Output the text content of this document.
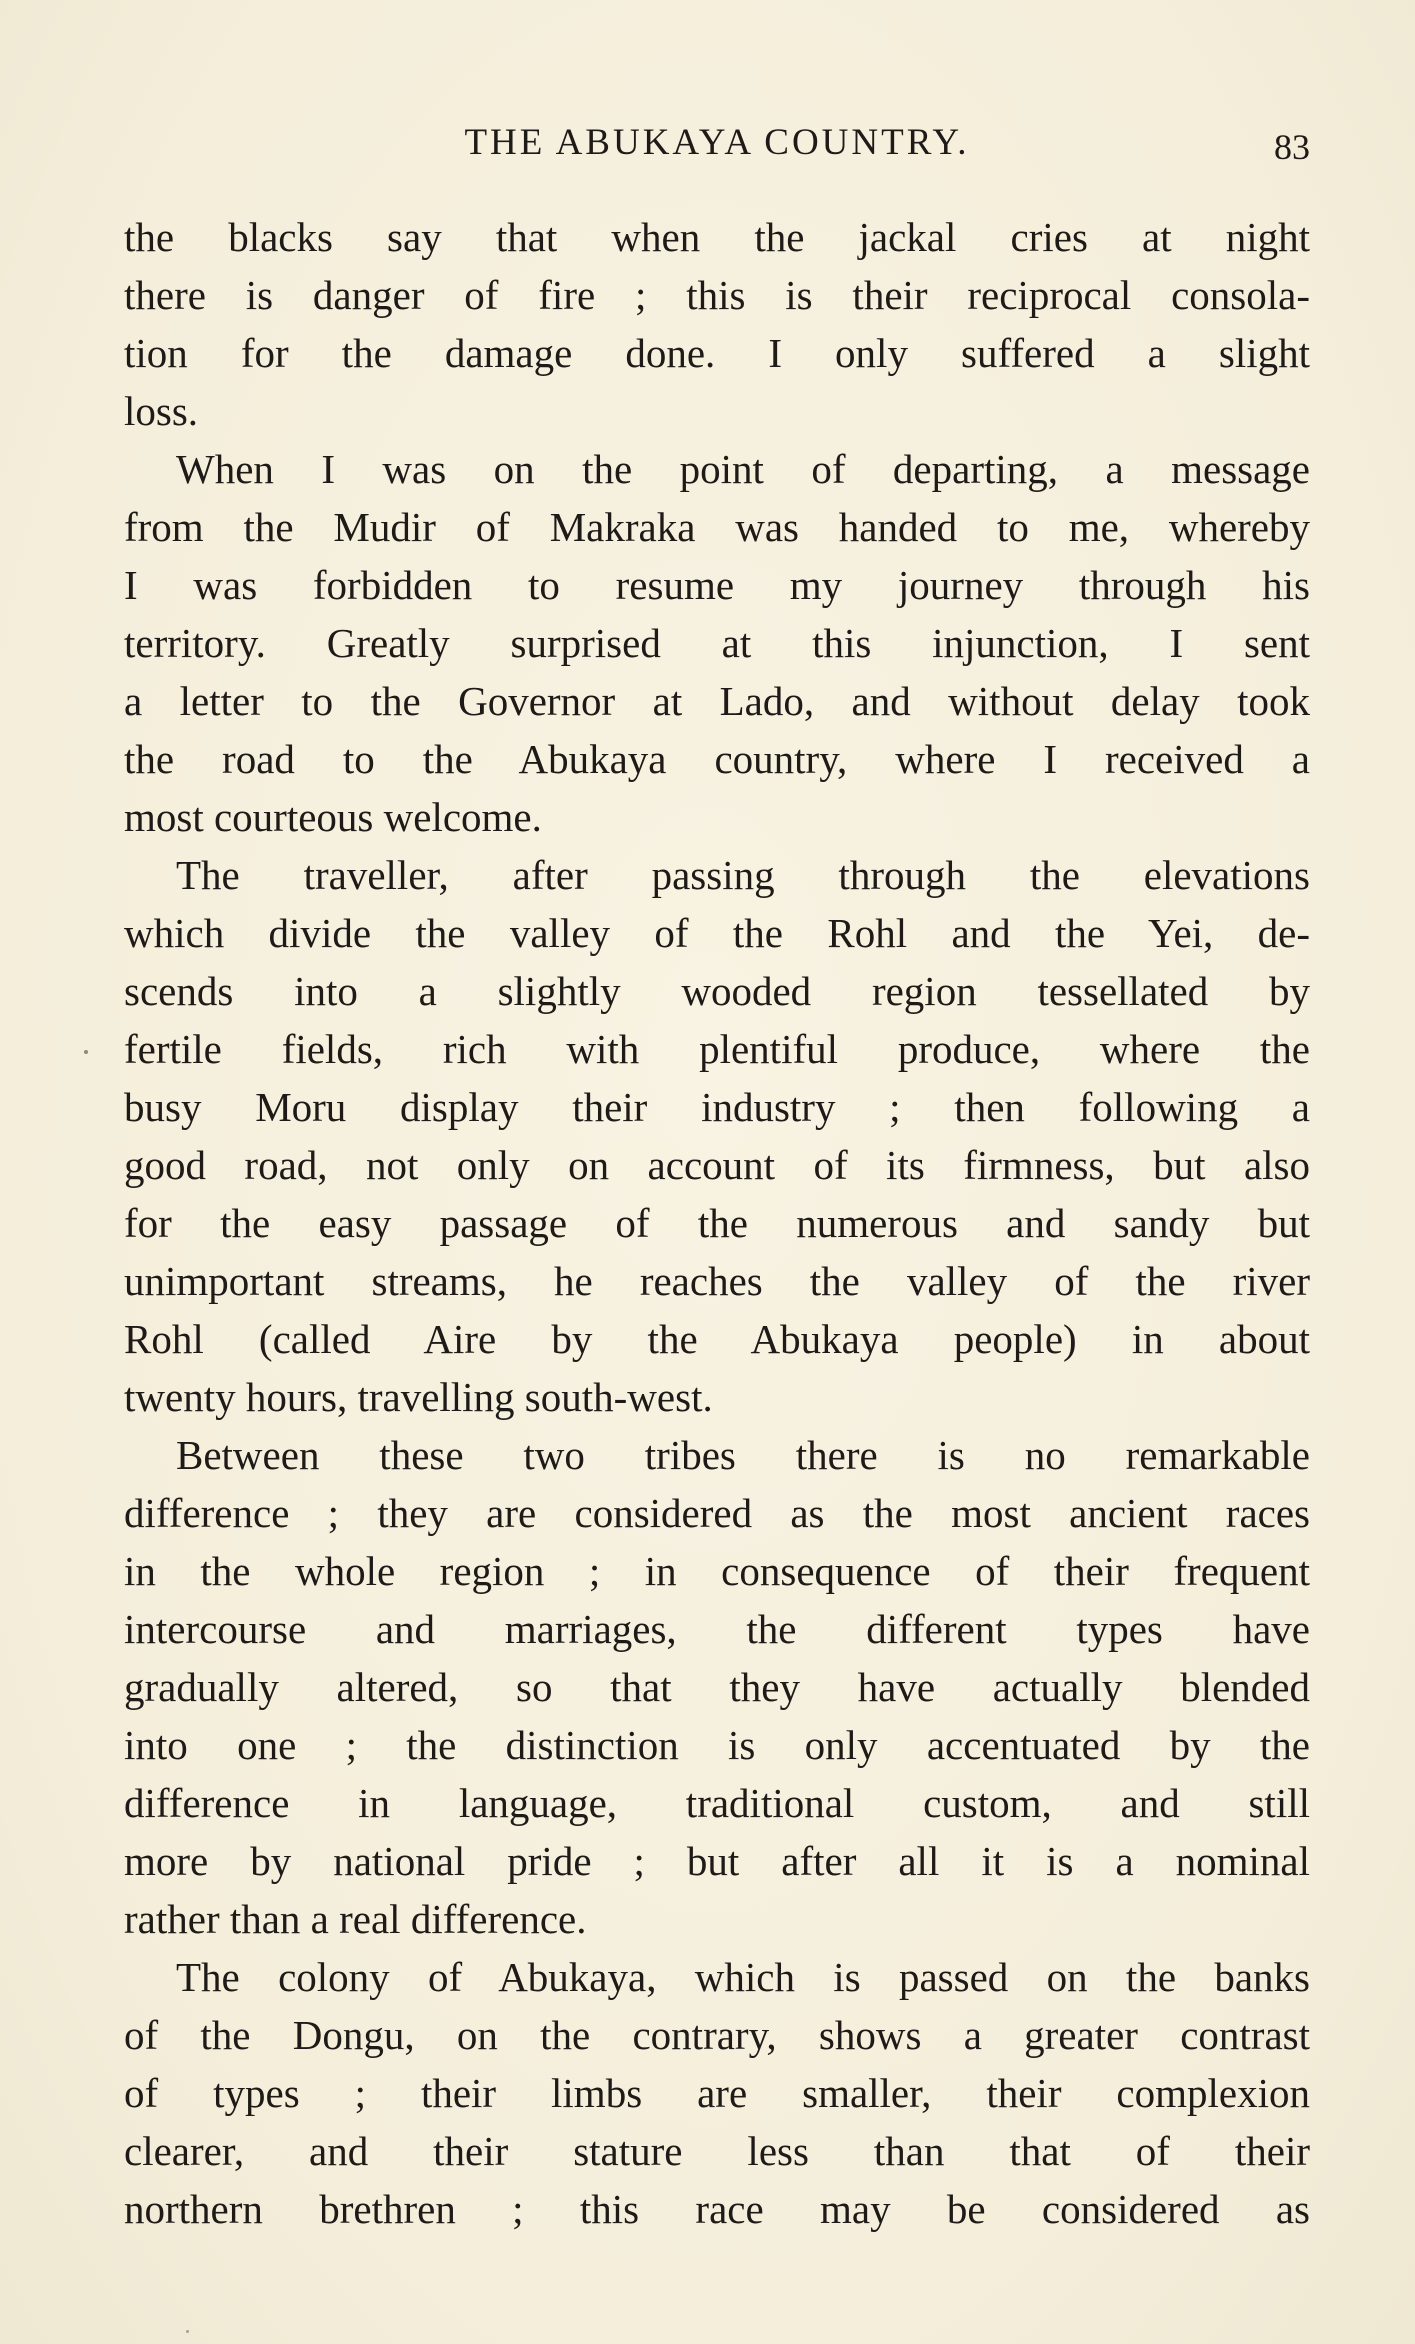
THE ABUKAYA COUNTRY.	83
the blacks say that when the jackal cries at night
there is danger of fire ; this is their reciprocal consola-
tion for the damage done. I only suffered a slight
loss.
When I was on the point of departing, a message
from the Mudir of Makraka was handed to me, whereby
I was forbidden to resume my journey through his
territory. Greatly surprised at this injunction, I sent
a letter to the Governor at Lado, and without delay took
the road to the Abukaya country, where I received a
most courteous welcome.
The traveller, after passing through the elevations
which divide the valley of the Rohl and the Yei, de-
scends into a slightly wooded region tessellated by
fertile fields, rich with plentiful produce, where the
busy Moru display their industry ; then following a
good road, not only on account of its firmness, but also
for the easy passage of the numerous and sandy but
unimportant streams, he reaches the valley of the river
Rohl (called Aire by the Abukaya people) in about
twenty hours, travelling south-west.
Between these two tribes there is no remarkable
difference ; they are considered as the most ancient races
in the whole region ; in consequence of their frequent
intercourse and marriages, the different types have
gradually altered, so that they have actually blended
into one ; the distinction is only accentuated by the
difference in language, traditional custom, and still
more by national pride ; but after all it is a nominal
rather than a real difference.
The colony of Abukaya, which is passed on the banks
of the Dongu, on the contrary, shows a greater contrast
of types ; their limbs are smaller, their complexion
clearer, and their stature less than that of their
northern brethren ; this race may be considered as
